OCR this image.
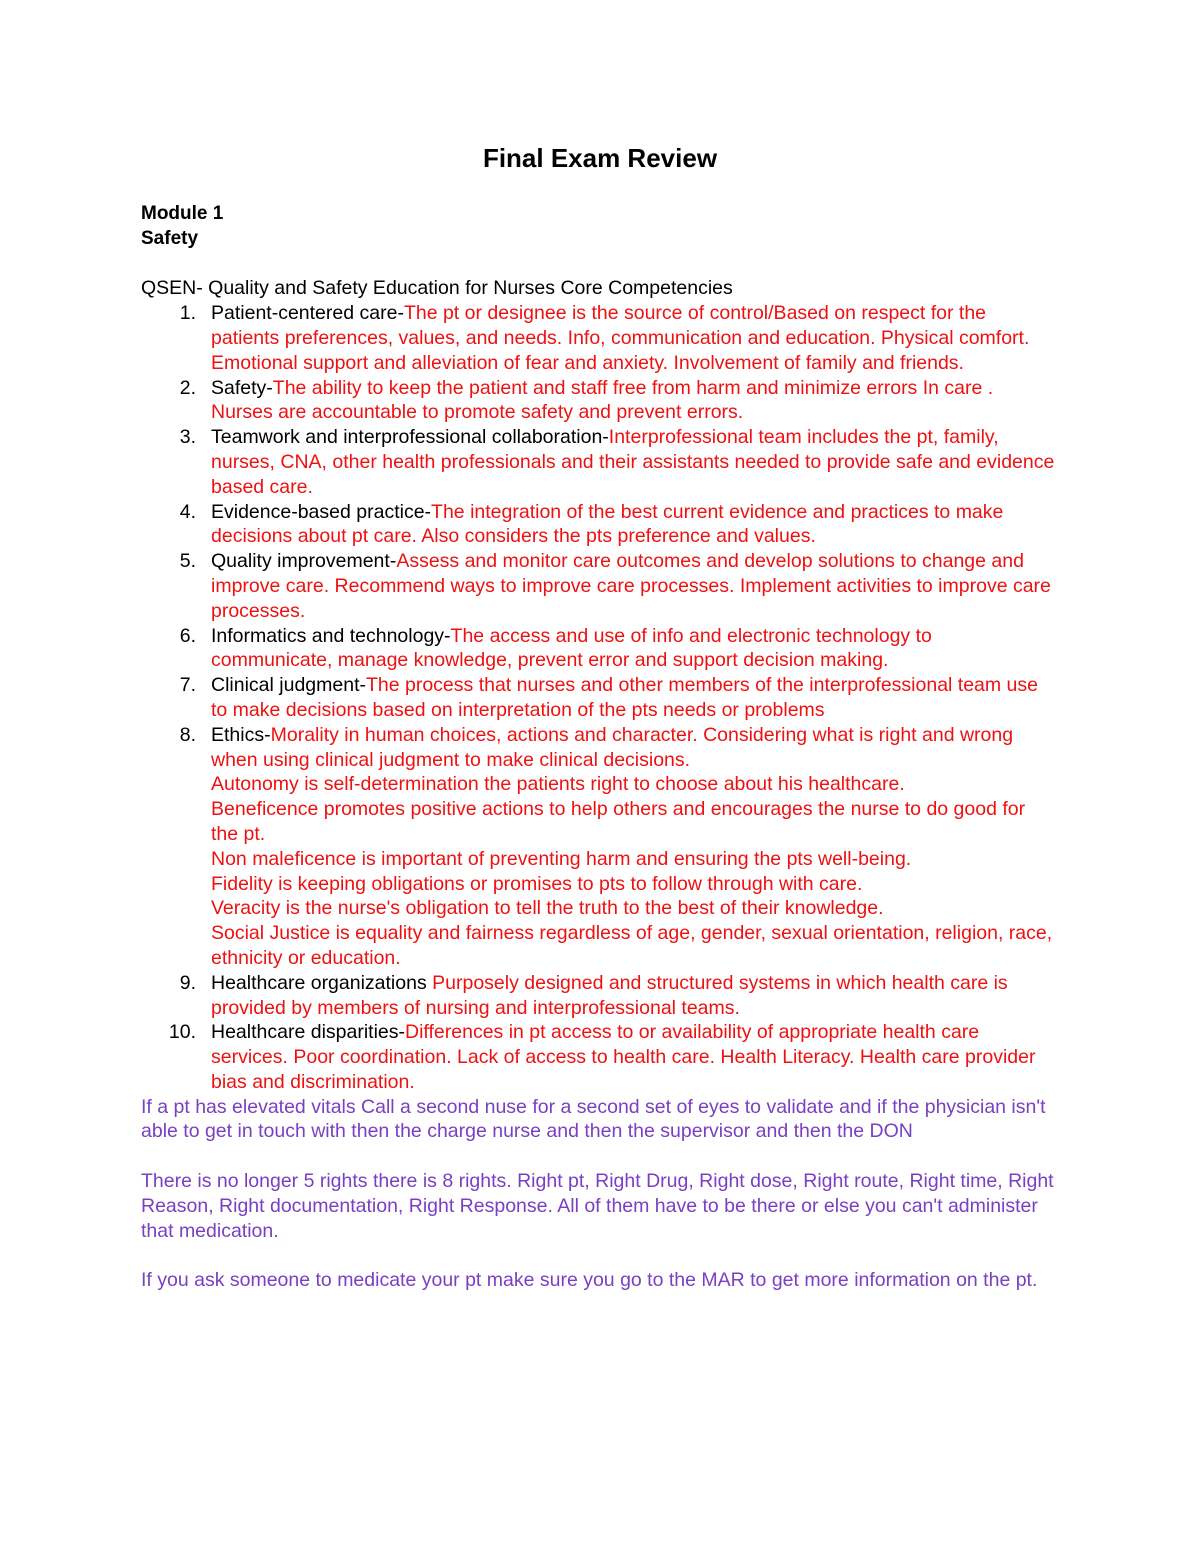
Final Exam Review
Module 1
Safety

QSEN- Quality and Safety Education for Nurses Core Competencies

1. Patient-centered care-The pt or designee is the source of control/Based on respect for the patients preferences, values, and needs. Info, communication and education. Physical comfort. Emotional support and alleviation of fear and anxiety. Involvement of family and friends.
2. Safety-The ability to keep the patient and staff free from harm and minimize errors In care . Nurses are accountable to promote safety and prevent errors.
3. Teamwork and interprofessional collaboration-Interprofessional team includes the pt, family, nurses, CNA, other health professionals and their assistants needed to provide safe and evidence based care.
4. Evidence-based practice-The integration of the best current evidence and practices to make decisions about pt care. Also considers the pts preference and values.
5. Quality improvement-Assess and monitor care outcomes and develop solutions to change and improve care. Recommend ways to improve care processes. Implement activities to improve care processes.
6. Informatics and technology-The access and use of info and electronic technology to communicate, manage knowledge, prevent error and support decision making.
7. Clinical judgment-The process that nurses and other members of the interprofessional team use to make decisions based on interpretation of the pts needs or problems
8. Ethics-Morality in human choices, actions and character. Considering what is right and wrong when using clinical judgment to make clinical decisions.
Autonomy is self-determination the patients right to choose about his healthcare.
Beneficence promotes positive actions to help others and encourages the nurse to do good for the pt.
Non maleficence is important of preventing harm and ensuring the pts well-being.
Fidelity is keeping obligations or promises to pts to follow through with care.
Veracity is the nurse's obligation to tell the truth to the best of their knowledge.
Social Justice is equality and fairness regardless of age, gender, sexual orientation, religion, race, ethnicity or education.
9. Healthcare organizations Purposely designed and structured systems in which health care is provided by members of nursing and interprofessional teams.
10. Healthcare disparities-Differences in pt access to or availability of appropriate health care services. Poor coordination. Lack of access to health care. Health Literacy. Health care provider bias and discrimination.

If a pt has elevated vitals Call a second nuse for a second set of eyes to validate and if the physician isn't able to get in touch with then the charge nurse and then the supervisor and then the DON

There is no longer 5 rights there is 8 rights. Right pt, Right Drug, Right dose, Right route, Right time, Right Reason, Right documentation, Right Response. All of them have to be there or else you can't administer that medication.

If you ask someone to medicate your pt make sure you go to the MAR to get more information on the pt.
